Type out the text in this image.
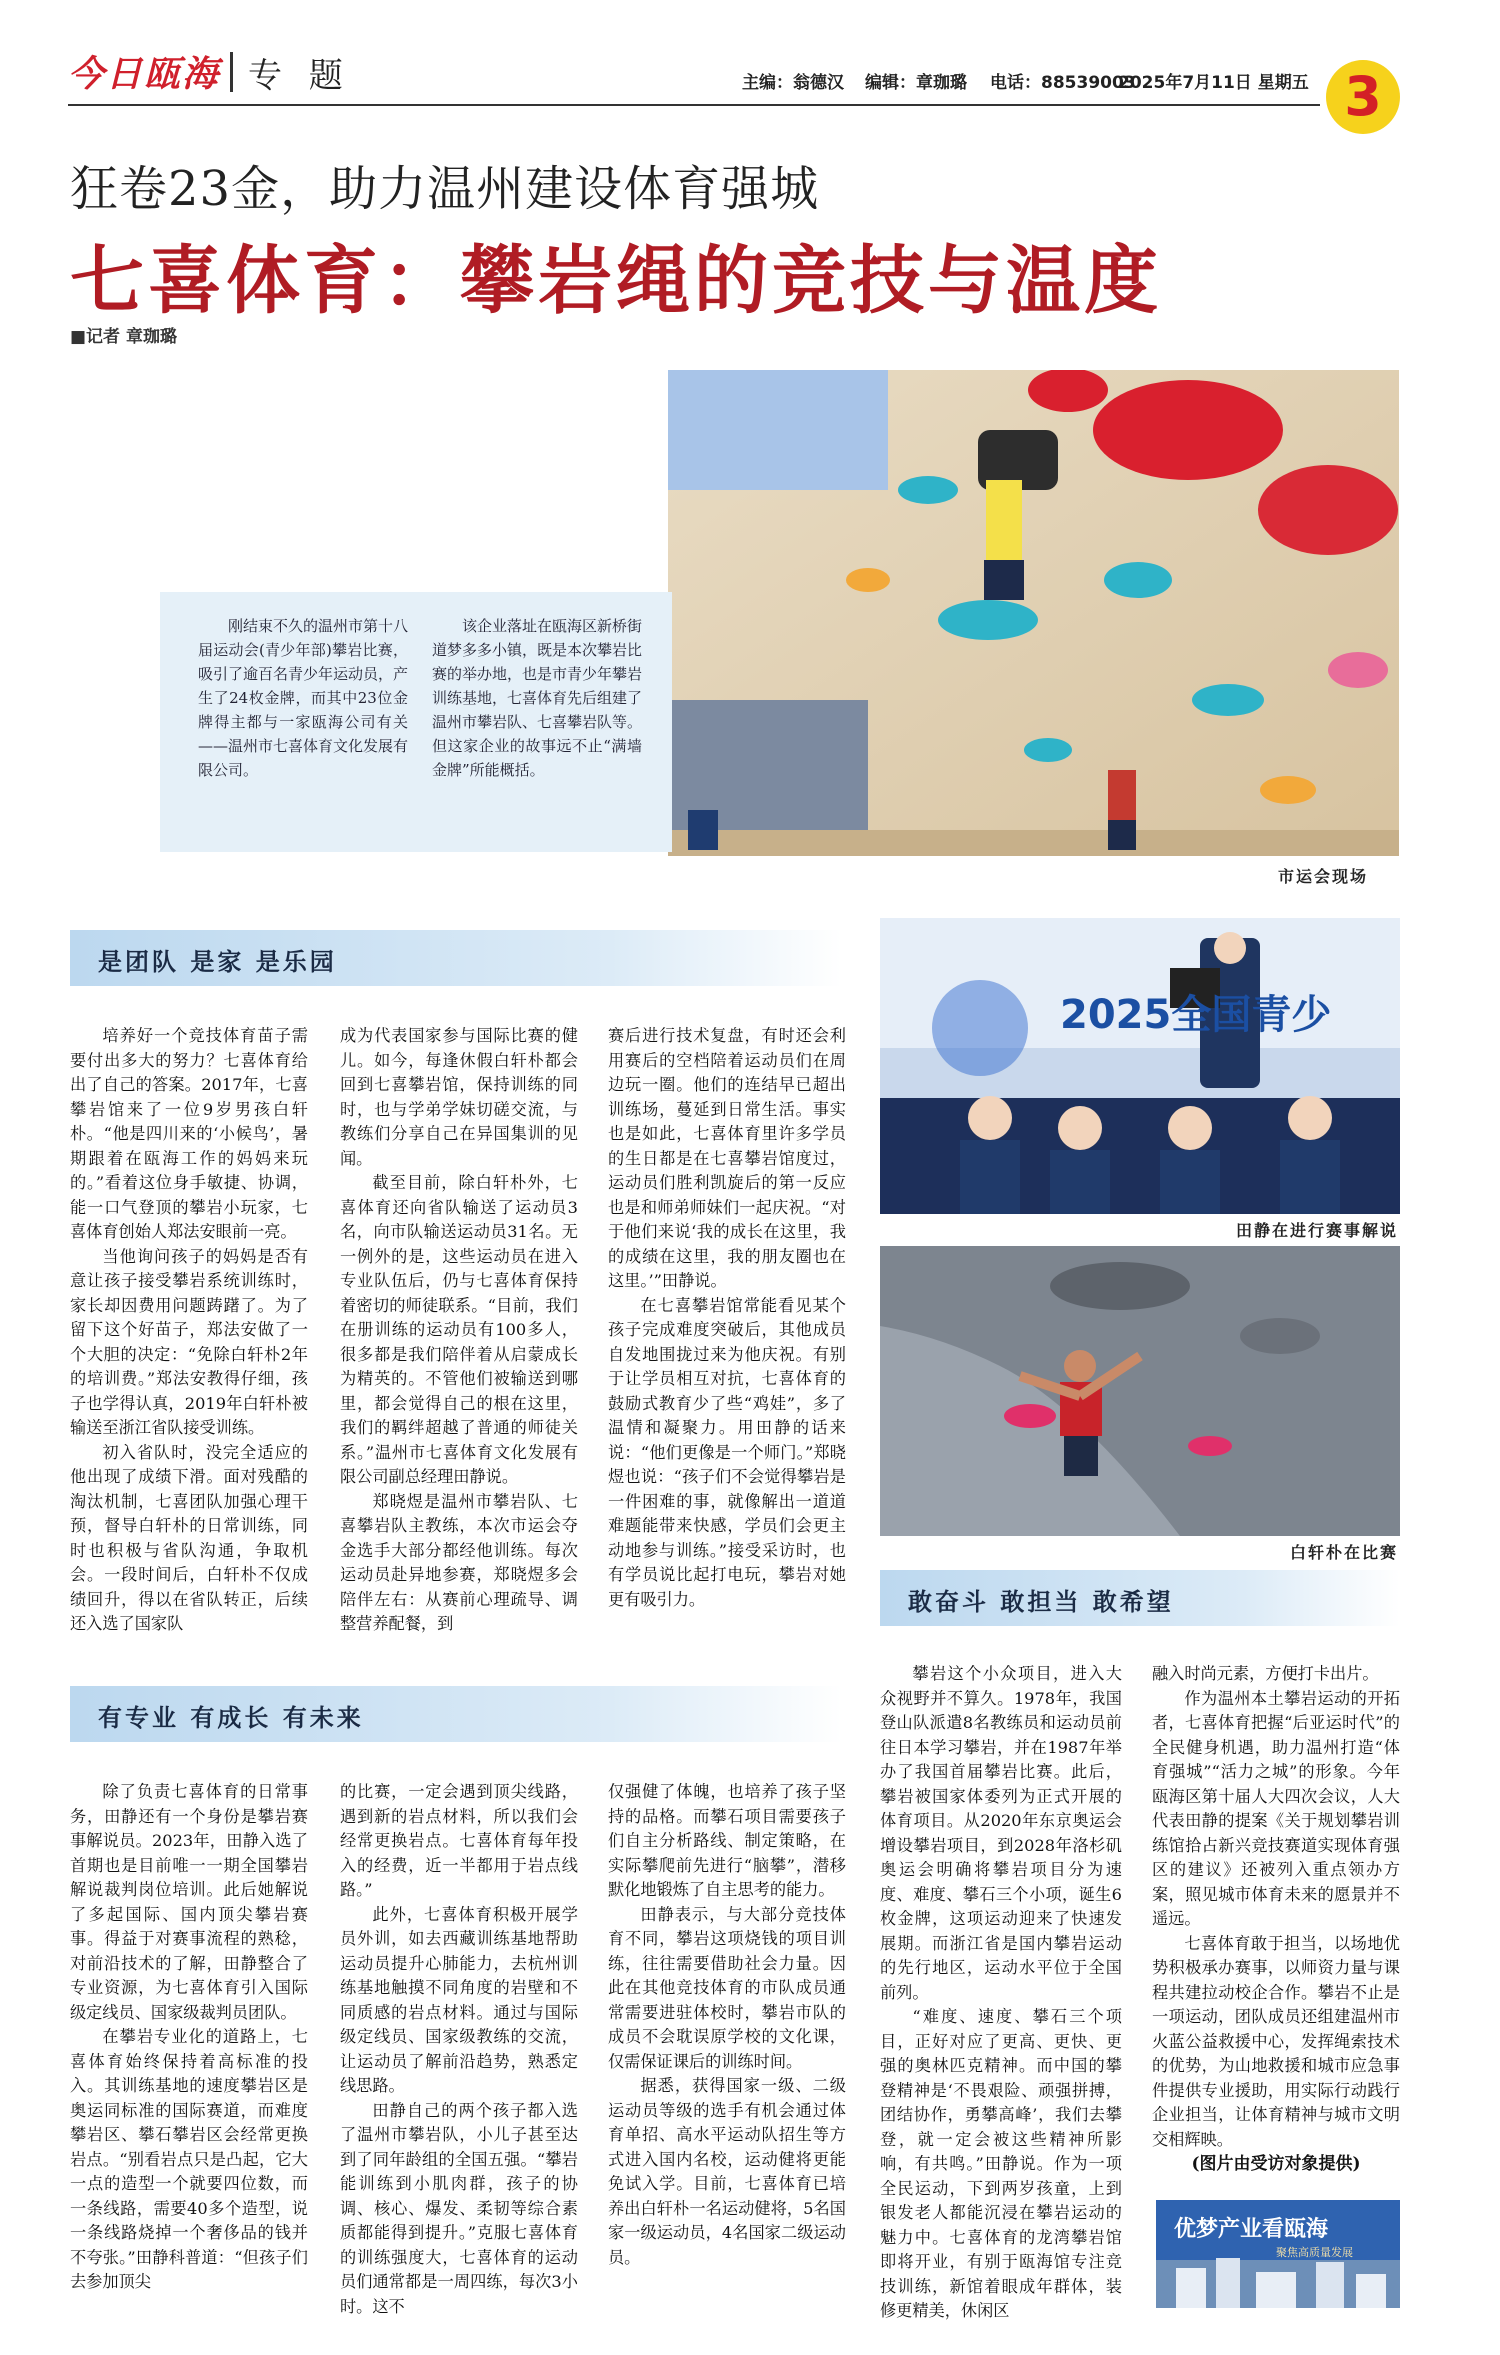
今日瓯海 专 题	主编：翁德汉 编辑：章珈璐 电话：88539003
2025年7月11日 星期五 3
狂卷23金，助力温州建设体育强城
七喜体育：攀岩绳的竞技与温度
■记者 章珈璐
市运会现场
刚结束不久的温州市第十八届运动会(青少年部)攀岩比赛，吸引了逾百名青少年运动员，产生了24枚金牌，而其中23位金牌得主都与一家瓯海公司有关——温州市七喜体育文化发展有限公司。
该企业落址在瓯海区新桥街道梦多多小镇，既是本次攀岩比赛的举办地，也是市青少年攀岩训练基地，七喜体育先后组建了温州市攀岩队、七喜攀岩队等。但这家企业的故事远不止“满墙金牌”所能概括。
是团队 是家 是乐园

培养好一个竞技体育苗子需要付出多大的努力？七喜体育给出了自己的答案。2017年，七喜攀岩馆来了一位9岁男孩白轩朴。“他是四川来的‘小候鸟’，暑期跟着在瓯海工作的妈妈来玩的。”看着这位身手敏捷、协调，能一口气登顶的攀岩小玩家，七喜体育创始人郑法安眼前一亮。

当他询问孩子的妈妈是否有意让孩子接受攀岩系统训练时，家长却因费用问题踌躇了。为了留下这个好苗子，郑法安做了一个大胆的决定：“免除白轩朴2年的培训费。”郑法安教得仔细，孩子也学得认真，2019年白轩朴被输送至浙江省队接受训练。

初入省队时，没完全适应的他出现了成绩下滑。面对残酷的淘汰机制，七喜团队加强心理干预，督导白轩朴的日常训练，同时也积极与省队沟通，争取机会。一段时间后，白轩朴不仅成绩回升，得以在省队转正，后续还入选了国家队

成为代表国家参与国际比赛的健儿。如今，每逢休假白轩朴都会回到七喜攀岩馆，保持训练的同时，也与学弟学妹切磋交流，与教练们分享自己在异国集训的见闻。

截至目前，除白轩朴外，七喜体育还向省队输送了运动员3名，向市队输送运动员31名。无一例外的是，这些运动员在进入专业队伍后，仍与七喜体育保持着密切的师徒联系。“目前，我们在册训练的运动员有100多人，很多都是我们陪伴着从启蒙成长为精英的。不管他们被输送到哪里，都会觉得自己的根在这里，我们的羁绊超越了普通的师徒关系。”温州市七喜体育文化发展有限公司副总经理田静说。

郑晓煜是温州市攀岩队、七喜攀岩队主教练，本次市运会夺金选手大部分都经他训练。每次运动员赴异地参赛，郑晓煜多会陪伴左右：从赛前心理疏导、调整营养配餐，到

赛后进行技术复盘，有时还会利用赛后的空档陪着运动员们在周边玩一圈。他们的连结早已超出训练场，蔓延到日常生活。事实也是如此，七喜体育里许多学员的生日都是在七喜攀岩馆度过，运动员们胜利凯旋后的第一反应也是和师弟师妹们一起庆祝。“对于他们来说‘我的成长在这里，我的成绩在这里，我的朋友圈也在这里。’”田静说。

在七喜攀岩馆常能看见某个孩子完成难度突破后，其他成员自发地围拢过来为他庆祝。有别于让学员相互对抗，七喜体育的鼓励式教育少了些“鸡娃”，多了温情和凝聚力。用田静的话来说：“他们更像是一个师门。”郑晓煜也说：“孩子们不会觉得攀岩是一件困难的事，就像解出一道道难题能带来快感，学员们会更主动地参与训练。”接受采访时，也有学员说比起打电玩，攀岩对她更有吸引力。

2025全国青少
田静在进行赛事解说
白轩朴在比赛
敢奋斗 敢担当 敢希望
有专业 有成长 有未来

除了负责七喜体育的日常事务，田静还有一个身份是攀岩赛事解说员。2023年，田静入选了首期也是目前唯一一期全国攀岩解说裁判岗位培训。此后她解说了多起国际、国内顶尖攀岩赛事。得益于对赛事流程的熟稔，对前沿技术的了解，田静整合了专业资源，为七喜体育引入国际级定线员、国家级裁判员团队。

在攀岩专业化的道路上，七喜体育始终保持着高标准的投入。其训练基地的速度攀岩区是奥运同标准的国际赛道，而难度攀岩区、攀石攀岩区会经常更换岩点。“别看岩点只是凸起，它大一点的造型一个就要四位数，而一条线路，需要40多个造型，说一条线路烧掉一个奢侈品的钱并不夸张。”田静科普道：“但孩子们去参加顶尖

的比赛，一定会遇到顶尖线路，遇到新的岩点材料，所以我们会经常更换岩点。七喜体育每年投入的经费，近一半都用于岩点线路。”

此外，七喜体育积极开展学员外训，如去西藏训练基地帮助运动员提升心肺能力，去杭州训练基地触摸不同角度的岩壁和不同质感的岩点材料。通过与国际级定线员、国家级教练的交流，让运动员了解前沿趋势，熟悉定线思路。

田静自己的两个孩子都入选了温州市攀岩队，小儿子甚至达到了同年龄组的全国五强。“攀岩能训练到小肌肉群，孩子的协调、核心、爆发、柔韧等综合素质都能得到提升。”克服七喜体育的训练强度大，七喜体育的运动员们通常都是一周四练，每次3小时。这不

仅强健了体魄，也培养了孩子坚持的品格。而攀石项目需要孩子们自主分析路线、制定策略，在实际攀爬前先进行“脑攀”，潜移默化地锻炼了自主思考的能力。

田静表示，与大部分竞技体育不同，攀岩这项烧钱的项目训练，往往需要借助社会力量。因此在其他竞技体育的市队成员通常需要进驻体校时，攀岩市队的成员不会耽误原学校的文化课，仅需保证课后的训练时间。

据悉，获得国家一级、二级运动员等级的选手有机会通过体育单招、高水平运动队招生等方式进入国内名校，运动健将更能免试入学。目前，七喜体育已培养出白轩朴一名运动健将，5名国家一级运动员，4名国家二级运动员。

攀岩这个小众项目，进入大众视野并不算久。1978年，我国登山队派遣8名教练员和运动员前往日本学习攀岩，并在1987年举办了我国首届攀岩比赛。此后，攀岩被国家体委列为正式开展的体育项目。从2020年东京奥运会增设攀岩项目，到2028年洛杉矶奥运会明确将攀岩项目分为速度、难度、攀石三个小项，诞生6枚金牌，这项运动迎来了快速发展期。而浙江省是国内攀岩运动的先行地区，运动水平位于全国前列。

“难度、速度、攀石三个项目，正好对应了更高、更快、更强的奥林匹克精神。而中国的攀登精神是‘不畏艰险、顽强拼搏，团结协作，勇攀高峰’，我们去攀登，就一定会被这些精神所影响，有共鸣。”田静说。作为一项全民运动，下到两岁孩童，上到银发老人都能沉浸在攀岩运动的魅力中。七喜体育的龙湾攀岩馆即将开业，有别于瓯海馆专注竞技训练，新馆着眼成年群体，装修更精美，休闲区

融入时尚元素，方便打卡出片。

作为温州本土攀岩运动的开拓者，七喜体育把握“后亚运时代”的全民健身机遇，助力温州打造“体育强城”“活力之城”的形象。今年瓯海区第十届人大四次会议，人大代表田静的提案《关于规划攀岩训练馆拾占新兴竞技赛道实现体育强区的建议》还被列入重点领办方案，照见城市体育未来的愿景并不遥远。

七喜体育敢于担当，以场地优势积极承办赛事，以师资力量与课程共建拉动校企合作。攀岩不止是一项运动，团队成员还组建温州市火蓝公益救援中心，发挥绳索技术的优势，为山地救援和城市应急事件提供专业援助，用实际行动践行企业担当，让体育精神与城市文明交相辉映。

(图片由受访对象提供)
优梦产业看瓯海
聚焦高质量发展
